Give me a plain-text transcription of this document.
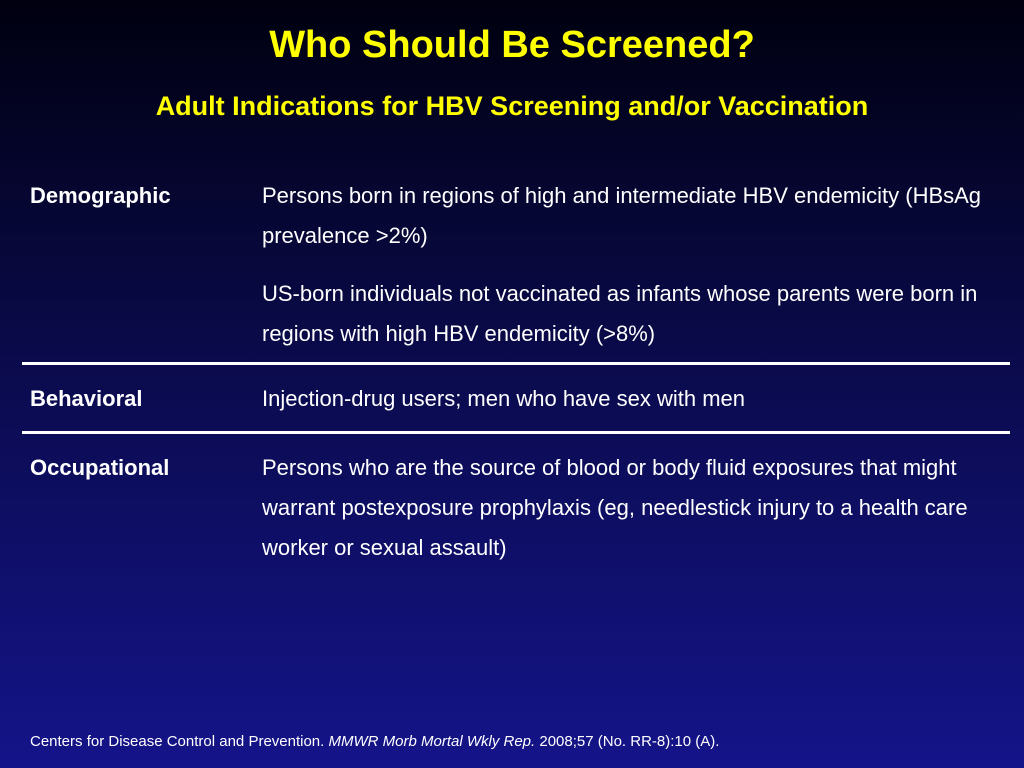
Who Should Be Screened?
Adult Indications for HBV Screening and/or Vaccination
Demographic	Persons born in regions of high and intermediate HBV endemicity (HBsAg prevalence >2%)

US-born individuals not vaccinated as infants whose parents were born in regions with high HBV endemicity (>8%)

Behavioral	Injection-drug users; men who have sex with men

Occupational	Persons who are the source of blood or body fluid exposures that might warrant postexposure prophylaxis (eg, needlestick injury to a health care worker or sexual assault)

Centers for Disease Control and Prevention. MMWR Morb Mortal Wkly Rep. 2008;57 (No. RR-8):10 (A).
